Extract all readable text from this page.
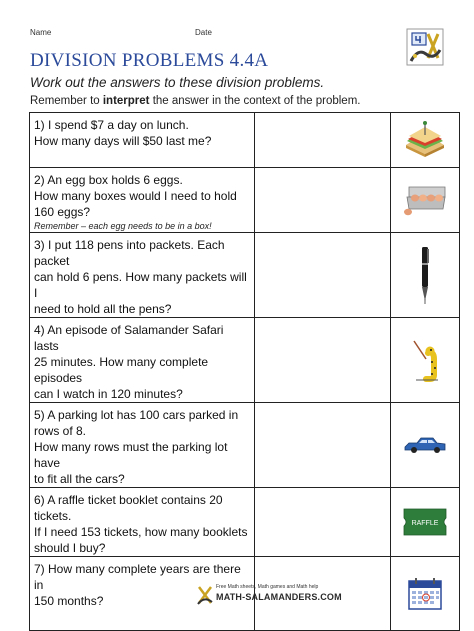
Name	Date
DIVISION PROBLEMS 4.4A
Work out the answers to these division problems.
Remember to interpret the answer in the context of the problem.
1) I spend $7 a day on lunch.
How many days will $50 last me?

2) An egg box holds 6 eggs.
How many boxes would I need to hold
160 eggs?
Remember – each egg needs to be in a box!

3) I put 118 pens into packets. Each packet
can hold 6 pens. How many packets will I
need to hold all the pens?

4) An episode of Salamander Safari lasts
25 minutes. How many complete episodes
can I watch in 120 minutes?

5) A parking lot has 100 cars parked in
rows of 8.
How many rows must the parking lot have
to fit all the cars?

6) A raffle ticket booklet contains 20
tickets.
If I need 153 tickets, how many booklets
should I buy?		RAFFLE

7) How many complete years are there in
150 months?

Free Math sheets, Math games and Math help
MATH-SALAMANDERS.COM
